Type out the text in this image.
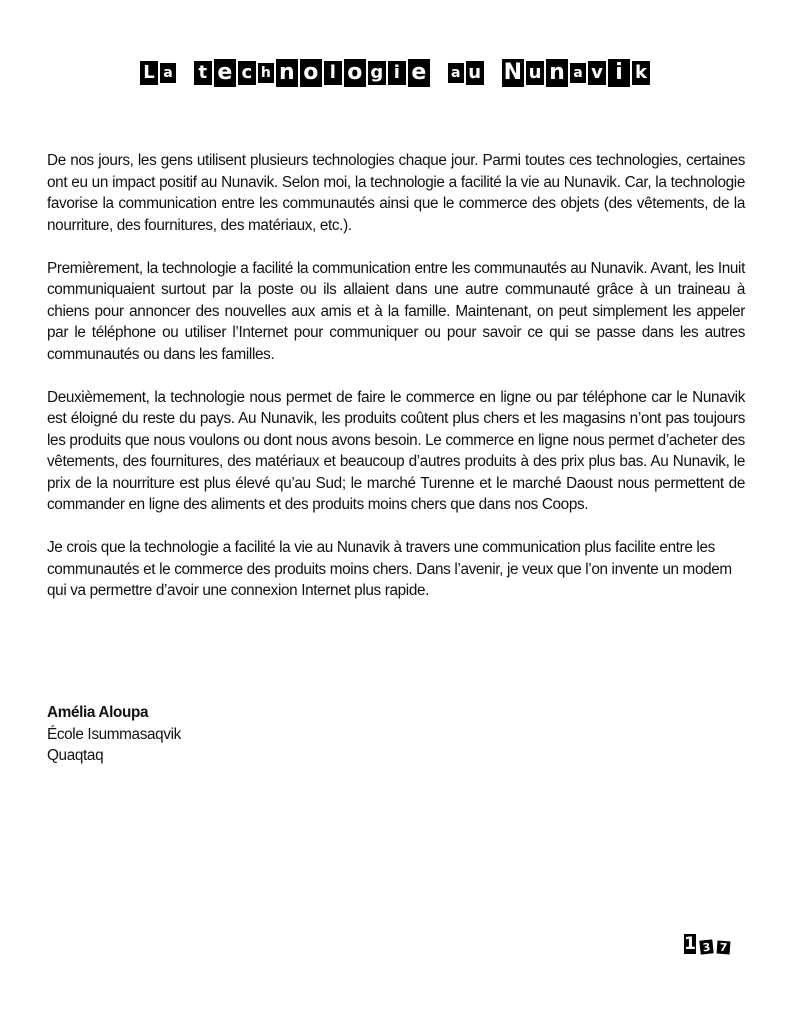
L a t e c h n o l o g i e a u N u n a v i k

De nos jours, les gens utilisent plusieurs technologies chaque jour. Parmi toutes ces technologies, certaines ont eu un impact positif au Nunavik. Selon moi, la technologie a facilité la vie au Nunavik. Car, la technologie favorise la communication entre les communautés ainsi que le commerce des objets (des vêtements, de la nourriture, des fournitures, des matériaux, etc.).

Premièrement, la technologie a facilité la communication entre les communautés au Nunavik. Avant, les Inuit communiquaient surtout par la poste ou ils allaient dans une autre communauté grâce à un traineau à chiens pour annoncer des nouvelles aux amis et à la famille. Maintenant, on peut simplement les appeler par le téléphone ou utiliser l’Internet pour communiquer ou pour savoir ce qui se passe dans les autres communautés ou dans les familles.

Deuxièmement, la technologie nous permet de faire le commerce en ligne ou par téléphone car le Nunavik est éloigné du reste du pays. Au Nunavik, les produits coûtent plus chers et les magasins n’ont pas toujours les produits que nous voulons ou dont nous avons besoin. Le commerce en ligne nous permet d’acheter des vêtements, des fournitures, des matériaux et beaucoup d’autres produits à des prix plus bas. Au Nunavik, le prix de la nourriture est plus élevé qu’au Sud; le marché Turenne et le marché Daoust nous permettent de commander en ligne des aliments et des produits moins chers que dans nos Coops.

Je crois que la technologie a facilité la vie au Nunavik à travers une communication plus facilite entre les communautés et le commerce des produits moins chers. Dans l’avenir, je veux que l’on invente un modem qui va permettre d’avoir une connexion Internet plus rapide.

Amélia Aloupa
École Isummasaqvik
Quaqtaq
1 3 7
